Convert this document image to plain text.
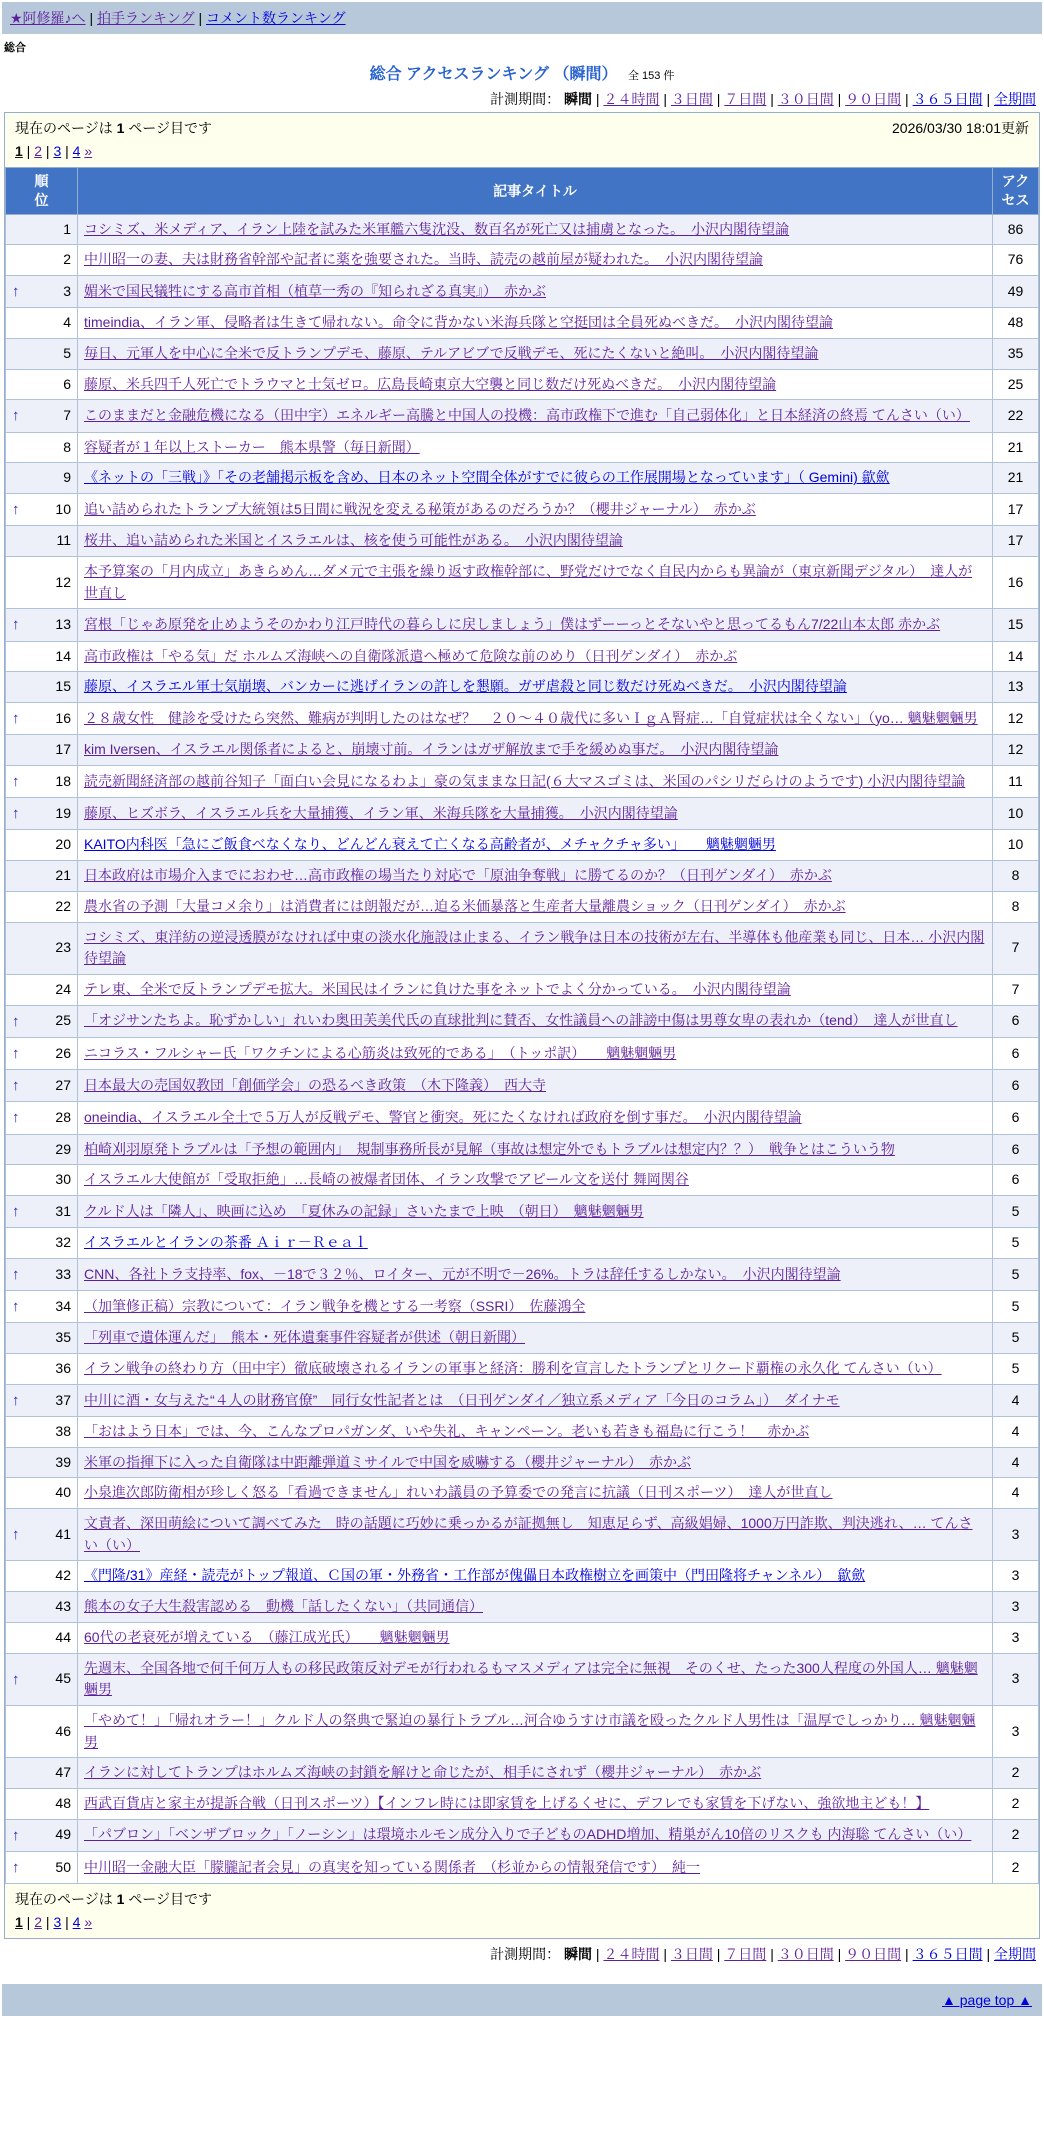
★阿修羅♪へ | 拍手ランキング | コメント数ランキング
総合
総合 アクセスランキング （瞬間） 全 153 件
計測期間： 瞬間 | ２４時間 | ３日間 | ７日間 | ３０日間 | ９０日間 | ３６５日間 | 全期間
現在のページは 1 ページ目です	2026/03/30 18:01更新
1 | 2 | 3 | 4 »
順位	記事タイトル	アクセス

1	コシミズ、米メディア、イラン上陸を試みた米軍艦六隻沈没、数百名が死亡又は捕虜となった。　小沢内閣待望論	86

2	中川昭一の妻、夫は財務省幹部や記者に薬を強要された。当時、読売の越前屋が疑われた。　小沢内閣待望論	76

↑ 3	媚米で国民犠牲にする高市首相（植草一秀の『知られざる真実』）　赤かぶ	49

4	timeindia、イラン軍、侵略者は生きて帰れない。命令に背かない米海兵隊と空挺団は全員死ぬべきだ。　小沢内閣待望論	48

5	毎日、元軍人を中心に全米で反トランプデモ、藤原、テルアビブで反戦デモ、死にたくないと絶叫。　小沢内閣待望論	35

6	藤原、米兵四千人死亡でトラウマと士気ゼロ。広島長崎東京大空襲と同じ数だけ死ぬべきだ。　小沢内閣待望論	25

↑ 7	このままだと金融危機になる（田中宇）エネルギー高騰と中国人の投機：高市政権下で進む「自己弱体化」と日本経済の終焉 てんさい（い）	22

8	容疑者が１年以上ストーカー　熊本県警（毎日新聞）	21

9	《ネットの「三戦」》「その老舗掲示板を含め、日本のネット空間全体がすでに彼らの工作展開場となっています」（ Gemini) 歙歛	21

↑ 10	追い詰められたトランプ大統領は5日間に戦況を変える秘策があるのだろうか？（櫻井ジャーナル）　赤かぶ	17

11	桜井、追い詰められた米国とイスラエルは、核を使う可能性がある。　小沢内閣待望論	17

12	本予算案の「月内成立」あきらめん…ダメ元で主張を繰り返す政権幹部に、野党だけでなく自民内からも異論が（東京新聞デジタル）　達人が世直し	16

↑ 13	宮根「じゃあ原発を止めようそのかわり江戸時代の暮らしに戻しましょう」僕はずーーっとそないやと思ってるもん7/22山本太郎 赤かぶ	15

14	高市政権は「やる気」だ ホルムズ海峡への自衛隊派遣へ極めて危険な前のめり（日刊ゲンダイ）　赤かぶ	14

15	藤原、イスラエル軍士気崩壊、バンカーに逃げイランの許しを懇願。ガザ虐殺と同じ数だけ死ぬべきだ。　小沢内閣待望論	13

↑ 16	２８歳女性　健診を受けたら突然、難病が判明したのはなぜ？　２０～４０歳代に多いＩｇＡ腎症…「自覚症状は全くない」（yo… 魑魅魍魎男	12

17	kim Iversen、イスラエル関係者によると、崩壊寸前。イランはガザ解放まで手を緩めぬ事だ。　小沢内閣待望論	12

↑ 18	読売新聞経済部の越前谷知子「面白い会見になるわよ」豪の気ままな日記(６大マスゴミは、米国のパシリだらけのようです) 小沢内閣待望論	11

↑ 19	藤原、ヒズボラ、イスラエル兵を大量捕獲、イラン軍、米海兵隊を大量捕獲。　小沢内閣待望論	10

20	KAITO内科医「急にご飯食べなくなり、どんどん衰えて亡くなる高齢者が、メチャクチャ多い」　　魑魅魍魎男	10

21	日本政府は市場介入までにおわせ…高市政権の場当たり対応で「原油争奪戦」に勝てるのか？（日刊ゲンダイ）　赤かぶ	8

22	農水省の予測「大量コメ余り」は消費者には朗報だが…迫る米価暴落と生産者大量離農ショック（日刊ゲンダイ）　赤かぶ	8

23	コシミズ、東洋紡の逆浸透膜がなければ中東の淡水化施設は止まる、イラン戦争は日本の技術が左右、半導体も他産業も同じ、日本… 小沢内閣待望論	7

24	テレ東、全米で反トランプデモ拡大。米国民はイランに負けた事をネットでよく分かっている。　小沢内閣待望論	7

↑ 25	「オジサンたちよ。恥ずかしい」れいわ奥田芙美代氏の直球批判に賛否、女性議員への誹謗中傷は男尊女卑の表れか（tend）　達人が世直し	6

↑ 26	ニコラス・フルシャー氏「ワクチンによる心筋炎は致死的である」　（トッポ訳）　　魑魅魍魎男	6

↑ 27	日本最大の売国奴教団「創価学会」の恐るべき政策　（木下隆義）　西大寺	6

↑ 28	oneindia、イスラエル全土で５万人が反戦デモ、警官と衝突。死にたくなければ政府を倒す事だ。　小沢内閣待望論	6

29	柏崎刈羽原発トラブルは「予想の範囲内」　規制事務所長が見解（事故は想定外でもトラブルは想定内？？）　戦争とはこういう物	6

30	イスラエル大使館が「受取拒絶」…長崎の被爆者団体、イラン攻撃でアピール文を送付 舞岡関谷	6

↑ 31	クルド人は「隣人」、映画に込め　「夏休みの記録」さいたまで上映　（朝日）　魑魅魍魎男	5

32	イスラエルとイランの茶番 Ａｉｒ－Ｒｅａｌ	5

↑ 33	CNN、各社トラ支持率、fox、－18で３２％、ロイター、元が不明で－26%。トラは辞任するしかない。　小沢内閣待望論	5

↑ 34	（加筆修正稿）宗教について：イラン戦争を機とする一考察（SSRI）　佐藤鴻全	5

35	「列車で遺体運んだ」　熊本・死体遺棄事件容疑者が供述（朝日新聞）	5

36	イラン戦争の終わり方（田中宇）徹底破壊されるイランの軍事と経済：勝利を宣言したトランプとリクード覇権の永久化 てんさい（い）	5

↑ 37	中川に酒・女与えた“４人の財務官僚”　同行女性記者とは　（日刊ゲンダイ／独立系メディア「今日のコラム」）　ダイナモ	4

38	「おはよう日本」では、今、こんなプロパガンダ、いや失礼、キャンペーン。老いも若きも福島に行こう！　赤かぶ	4

39	米軍の指揮下に入った自衛隊は中距離弾道ミサイルで中国を威嚇する（櫻井ジャーナル）　赤かぶ	4

40	小泉進次郎防衛相が珍しく怒る「看過できません」れいわ議員の予算委での発言に抗議（日刊スポーツ）　達人が世直し	4

↑ 41	文責者、深田萌絵について調べてみた　時の話題に巧妙に乗っかるが証拠無し　知恵足らず、高級娼婦、1000万円詐欺、判決逃れ、… てんさい（い）	3

42	《門隆/31》産経・読売がトップ報道、Ｃ国の軍・外務省・工作部が傀儡日本政権樹立を画策中（門田隆将チャンネル）　歙歛	3

43	熊本の女子大生殺害認める　動機「話したくない」（共同通信）	3

44	60代の老衰死が増えている　（藤江成光氏）　　魑魅魍魎男	3

↑ 45	先週末、全国各地で何千何万人もの移民政策反対デモが行われるもマスメディアは完全に無視　そのくせ、たった300人程度の外国人… 魑魅魍魎男	3

46	「やめて！」「帰れオラー！」クルド人の祭典で緊迫の暴行トラブル…河合ゆうすけ市議を殴ったクルド人男性は「温厚でしっかり… 魑魅魍魎男	3

47	イランに対してトランプはホルムズ海峡の封鎖を解けと命じたが、相手にされず（櫻井ジャーナル）　赤かぶ	2

48	西武百貨店と家主が提訴合戦（日刊スポーツ）【インフレ時には即家賃を上げるくせに、デフレでも家賃を下げない、強欲地主ども！】	2

↑ 49	「パブロン」「ベンザブロック」「ノーシン」は環境ホルモン成分入りで子どものADHD増加、精巣がん10倍のリスクも 内海聡 てんさい（い）	2

↑ 50	中川昭一金融大臣「朦朧記者会見」の真実を知っている関係者　（杉並からの情報発信です）　純一	2
現在のページは 1 ページ目です
1 | 2 | 3 | 4 »
計測期間： 瞬間 | ２４時間 | ３日間 | ７日間 | ３０日間 | ９０日間 | ３６５日間 | 全期間
▲ page top ▲
